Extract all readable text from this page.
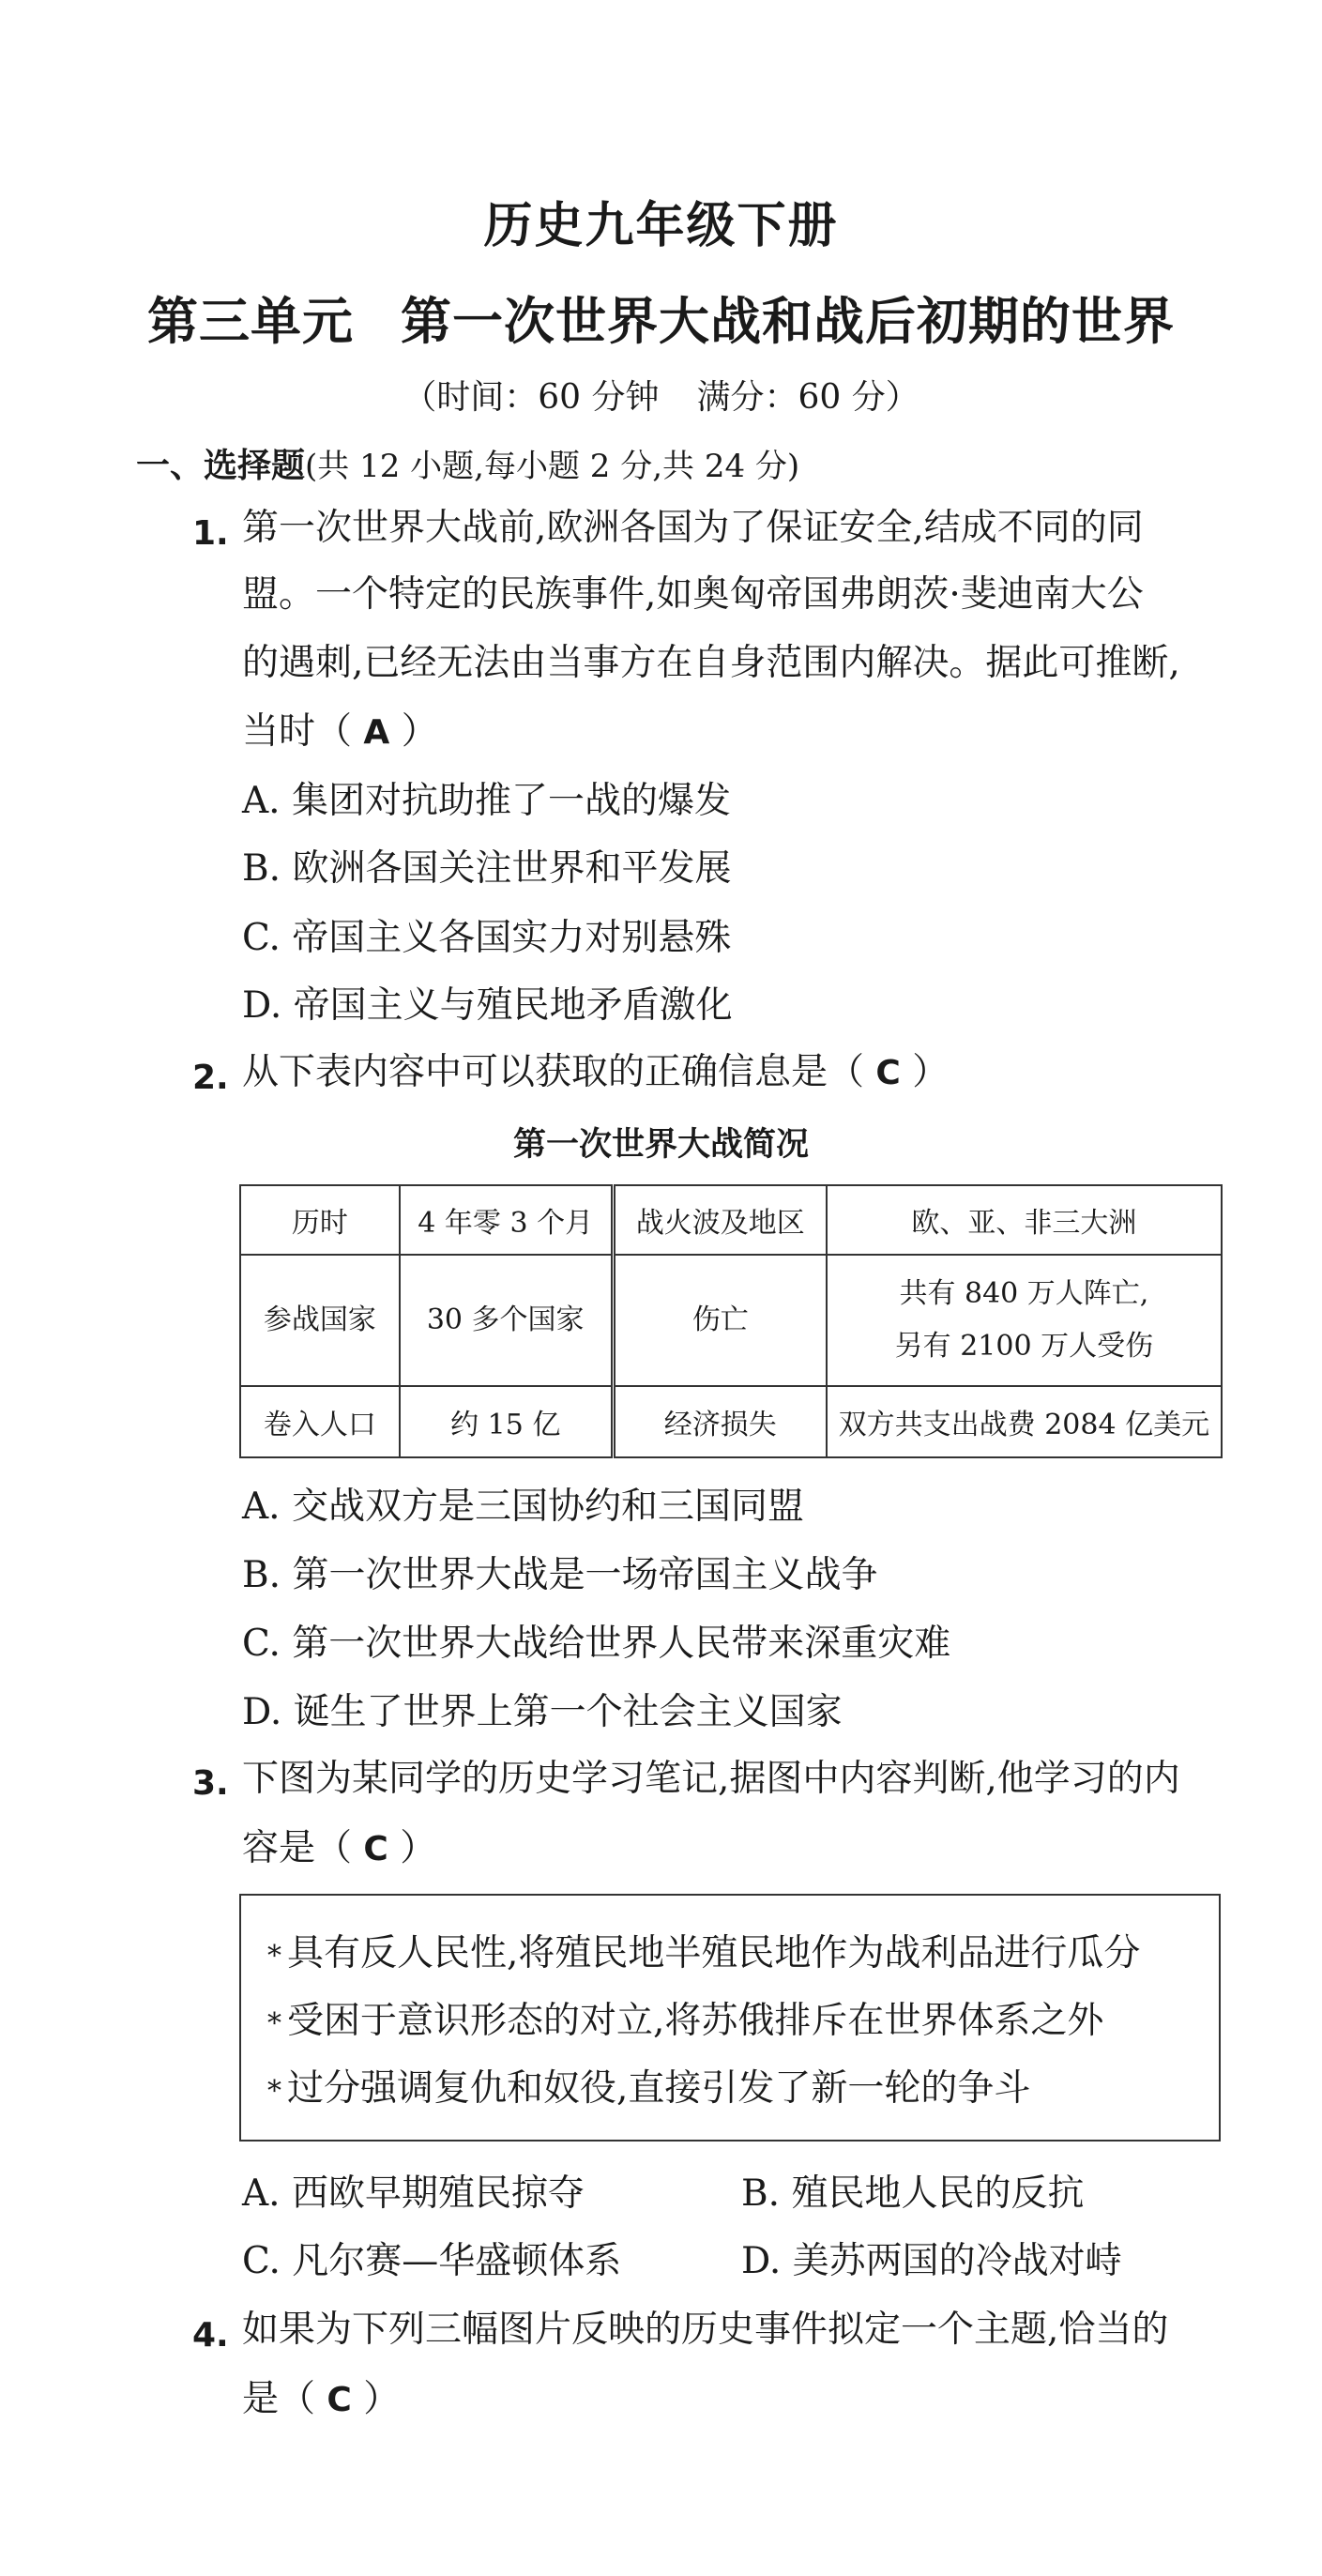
历史九年级下册
第三单元 第一次世界大战和战后初期的世界
（时间：60 分钟 满分：60 分）
一、选择题(共 12 小题,每小题 2 分,共 24 分)
1. 第一次世界大战前,欧洲各国为了保证安全,结成不同的同
盟。一个特定的民族事件,如奥匈帝国弗朗茨·斐迪南大公
的遇刺,已经无法由当事方在自身范围内解决。据此可推断,
当时（ A ）
A. 集团对抗助推了一战的爆发
B. 欧洲各国关注世界和平发展
C. 帝国主义各国实力对别悬殊
D. 帝国主义与殖民地矛盾激化
2. 从下表内容中可以获取的正确信息是（ C ）
第一次世界大战简况
历时	4 年零 3 个月	战火波及地区	欧、亚、非三大洲
参战国家	30 多个国家	伤亡	共有 840 万人阵亡,
另有 2100 万人受伤

卷入人口	约 15 亿	经济损失	双方共支出战费 2084 亿美元
A. 交战双方是三国协约和三国同盟
B. 第一次世界大战是一场帝国主义战争
C. 第一次世界大战给世界人民带来深重灾难
D. 诞生了世界上第一个社会主义国家
3. 下图为某同学的历史学习笔记,据图中内容判断,他学习的内
容是（ C ）
* 具有反人民性,将殖民地半殖民地作为战利品进行瓜分
* 受困于意识形态的对立,将苏俄排斥在世界体系之外
* 过分强调复仇和奴役,直接引发了新一轮的争斗
A. 西欧早期殖民掠夺	B. 殖民地人民的反抗
C. 凡尔赛—华盛顿体系	D. 美苏两国的冷战对峙
4. 如果为下列三幅图片反映的历史事件拟定一个主题,恰当的
是（ C ）
